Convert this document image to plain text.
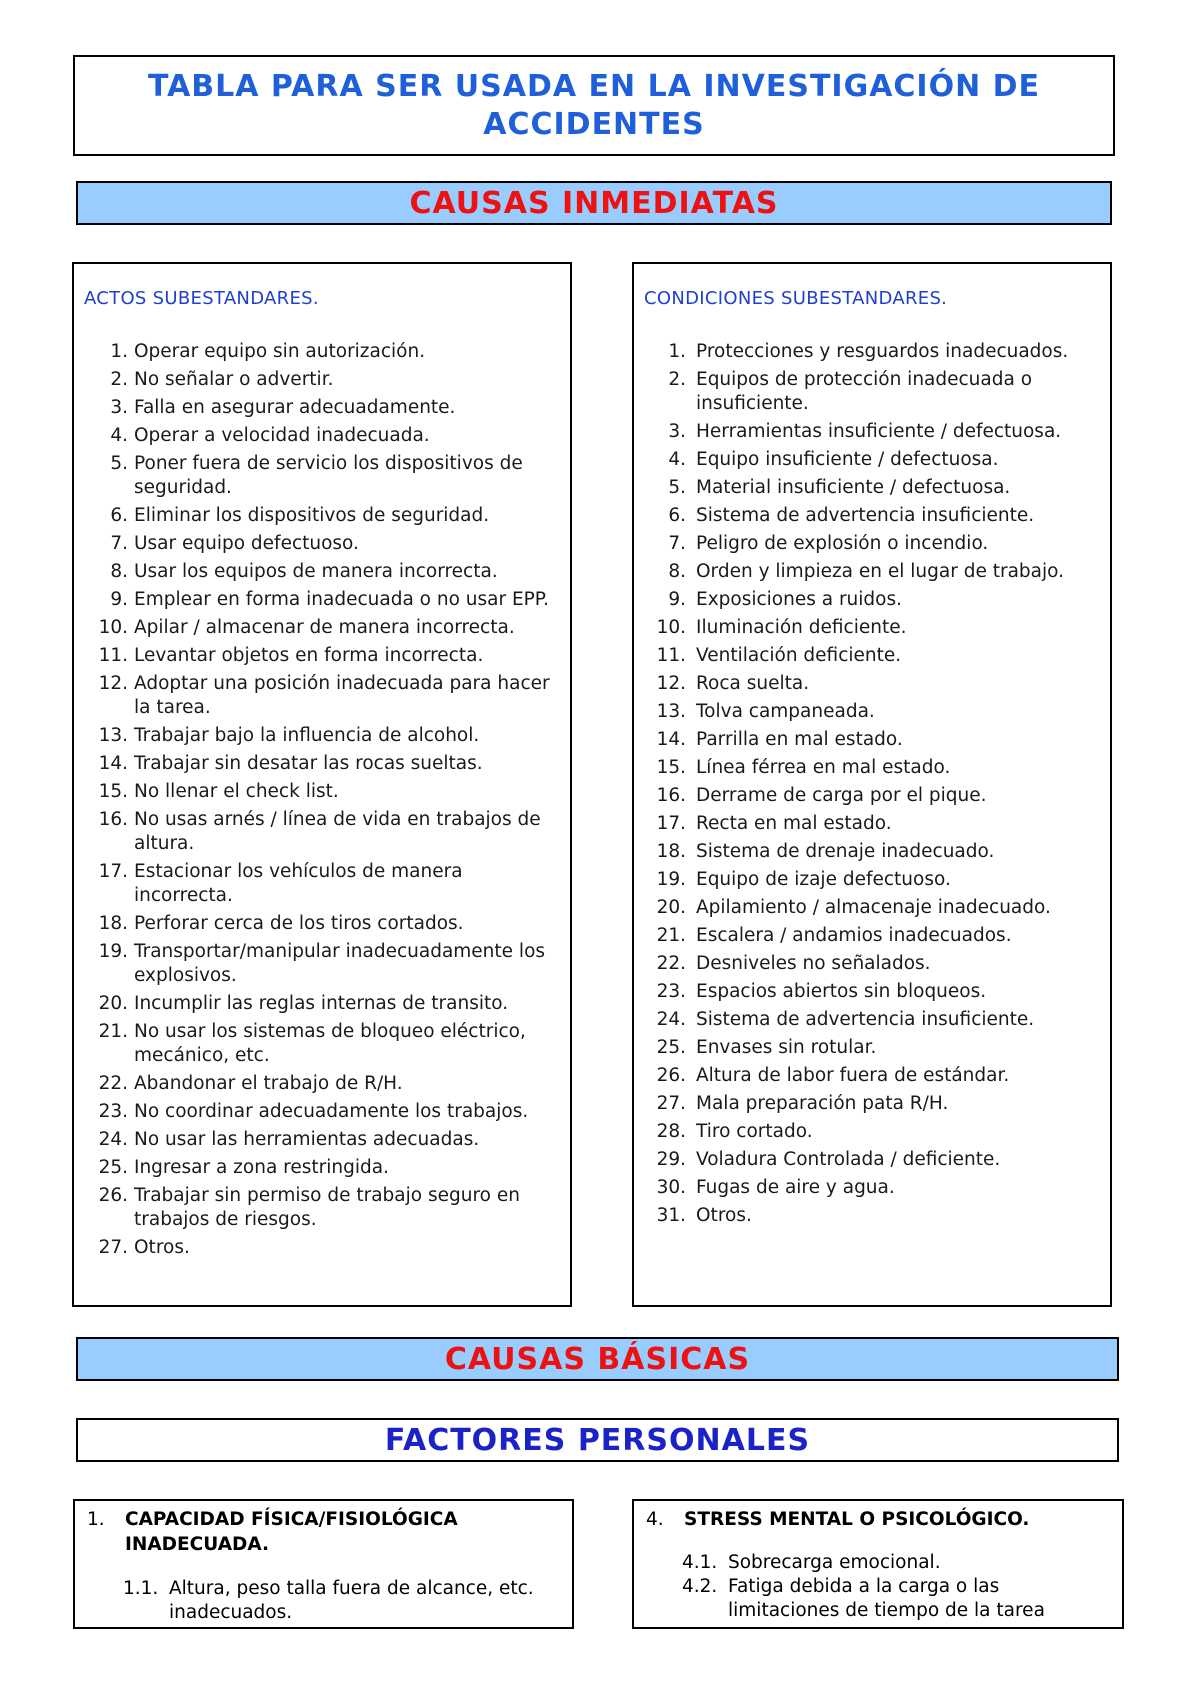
TABLA PARA SER USADA EN LA INVESTIGACIÓN DE ACCIDENTES
CAUSAS INMEDIATAS
ACTOS SUBESTANDARES.
1. Operar equipo sin autorización.
2. No señalar o advertir.
3. Falla en asegurar adecuadamente.
4. Operar a velocidad inadecuada.
5. Poner fuera de servicio los dispositivos de seguridad.
6. Eliminar los dispositivos de seguridad.
7. Usar equipo defectuoso.
8. Usar los equipos de manera incorrecta.
9. Emplear en forma inadecuada o no usar EPP.
10. Apilar / almacenar de manera incorrecta.
11. Levantar objetos en forma incorrecta.
12. Adoptar una posición inadecuada para hacer la tarea.
13. Trabajar bajo la influencia de alcohol.
14. Trabajar sin desatar las rocas sueltas.
15. No llenar el check list.
16. No usas arnés / línea de vida en trabajos de altura.
17. Estacionar los vehículos de manera incorrecta.
18. Perforar cerca de los tiros cortados.
19. Transportar/manipular inadecuadamente los explosivos.
20. Incumplir las reglas internas de transito.
21. No usar los sistemas de bloqueo eléctrico, mecánico, etc.
22. Abandonar el trabajo de R/H.
23. No coordinar adecuadamente los trabajos.
24. No usar las herramientas adecuadas.
25. Ingresar a zona restringida.
26. Trabajar sin permiso de trabajo seguro en trabajos de riesgos.
27. Otros.
CONDICIONES SUBESTANDARES.
1. Protecciones y resguardos inadecuados.
2. Equipos de protección inadecuada o insuficiente.
3. Herramientas insuficiente / defectuosa.
4. Equipo insuficiente / defectuosa.
5. Material insuficiente / defectuosa.
6. Sistema de advertencia insuficiente.
7. Peligro de explosión o incendio.
8. Orden y limpieza en el lugar de trabajo.
9. Exposiciones a ruidos.
10. Iluminación deficiente.
11. Ventilación deficiente.
12. Roca suelta.
13. Tolva campaneada.
14. Parrilla en mal estado.
15. Línea férrea en mal estado.
16. Derrame de carga por el pique.
17. Recta en mal estado.
18. Sistema de drenaje inadecuado.
19. Equipo de izaje defectuoso.
20. Apilamiento / almacenaje inadecuado.
21. Escalera / andamios inadecuados.
22. Desniveles no señalados.
23. Espacios abiertos sin bloqueos.
24. Sistema de advertencia insuficiente.
25. Envases sin rotular.
26. Altura de labor fuera de estándar.
27. Mala preparación pata R/H.
28. Tiro cortado.
29. Voladura Controlada / deficiente.
30. Fugas de aire y agua.
31. Otros.
CAUSAS BÁSICAS
FACTORES PERSONALES
1.	CAPACIDAD FÍSICA/FISIOLÓGICA INADECUADA.
1.1. Altura, peso talla fuera de alcance, etc. inadecuados.
4.	STRESS MENTAL O PSICOLÓGICO.
4.1. Sobrecarga emocional.
4.2. Fatiga debida a la carga o las limitaciones de tiempo de la tarea
